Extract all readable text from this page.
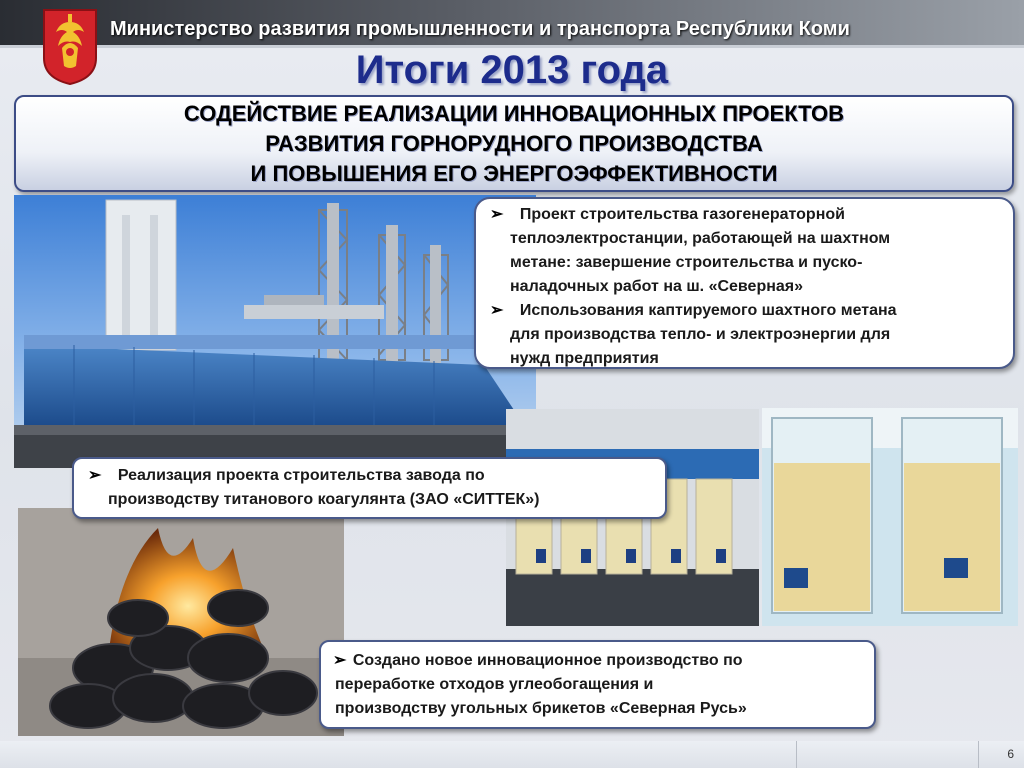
Министерство развития промышленности и транспорта Республики Коми
Итоги 2013 года
СОДЕЙСТВИЕ РЕАЛИЗАЦИИ ИННОВАЦИОННЫХ ПРОЕКТОВ
РАЗВИТИЯ ГОРНОРУДНОГО ПРОИЗВОДСТВА
И ПОВЫШЕНИЯ ЕГО ЭНЕРГОЭФФЕКТИВНОСТИ
➢ Проект строительства газогенераторной
теплоэлектростанции, работающей на шахтном
метане: завершение строительства и пуско-
наладочных работ на ш. «Северная»
➢ Использования каптируемого шахтного метана
для производства тепло- и электроэнергии для
нужд предприятия
➢ Реализация проекта строительства завода по
производству титанового коагулянта (ЗАО «СИТТЕК»)
➢ Создано новое инновационное производство по
переработке отходов углеобогащения и
производству угольных брикетов «Северная Русь»
6
